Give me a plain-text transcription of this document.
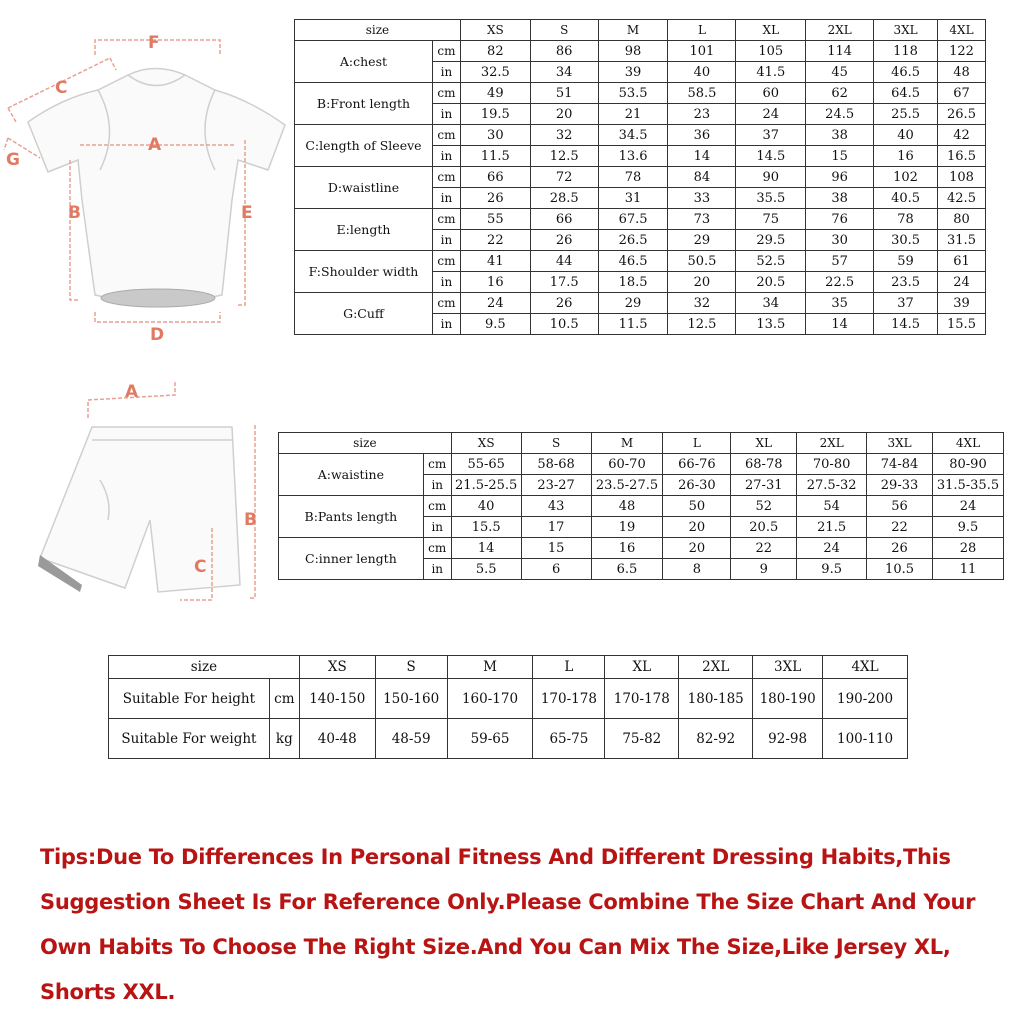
F
C
G
A
B	E
D
size		XS	S	M	L	XL	2XL	3XL	4XL
A:chest	cm	82	86	98	101	105	114	118	122
	in	32.5	34	39	40	41.5	45	46.5	48
B:Front length	cm	49	51	53.5	58.5	60	62	64.5	67
	in	19.5	20	21	23	24	24.5	25.5	26.5
C:length of Sleeve	cm	30	32	34.5	36	37	38	40	42
	in	11.5	12.5	13.6	14	14.5	15	16	16.5
D:waistline	cm	66	72	78	84	90	96	102	108
	in	26	28.5	31	33	35.5	38	40.5	42.5
E:length	cm	55	66	67.5	73	75	76	78	80
	in	22	26	26.5	29	29.5	30	30.5	31.5
F:Shoulder width	cm	41	44	46.5	50.5	52.5	57	59	61
	in	16	17.5	18.5	20	20.5	22.5	23.5	24
G:Cuff	cm	24	26	29	32	34	35	37	39
	in	9.5	10.5	11.5	12.5	13.5	14	14.5	15.5
A
B
C
size		XS	S	M	L	XL	2XL	3XL	4XL
A:waistine	cm	55-65	58-68	60-70	66-76	68-78	70-80	74-84	80-90
	in	21.5-25.5	23-27	23.5-27.5	26-30	27-31	27.5-32	29-33	31.5-35.5
B:Pants length	cm	40	43	48	50	52	54	56	24
	in	15.5	17	19	20	20.5	21.5	22	9.5
C:inner length	cm	14	15	16	20	22	24	26	28
	in	5.5	6	6.5	8	9	9.5	10.5	11
size		XS	S	M	L	XL	2XL	3XL	4XL
Suitable For height	cm	140-150	150-160	160-170	170-178	170-178	180-185	180-190	190-200
Suitable For weight	kg	40-48	48-59	59-65	65-75	75-82	82-92	92-98	100-110
Tips:Due To Differences In Personal Fitness And Different Dressing Habits,This
Suggestion Sheet Is For Reference Only.Please Combine The Size Chart And Your
Own Habits To Choose The Right Size.And You Can Mix The Size,Like Jersey XL,
Shorts XXL.
